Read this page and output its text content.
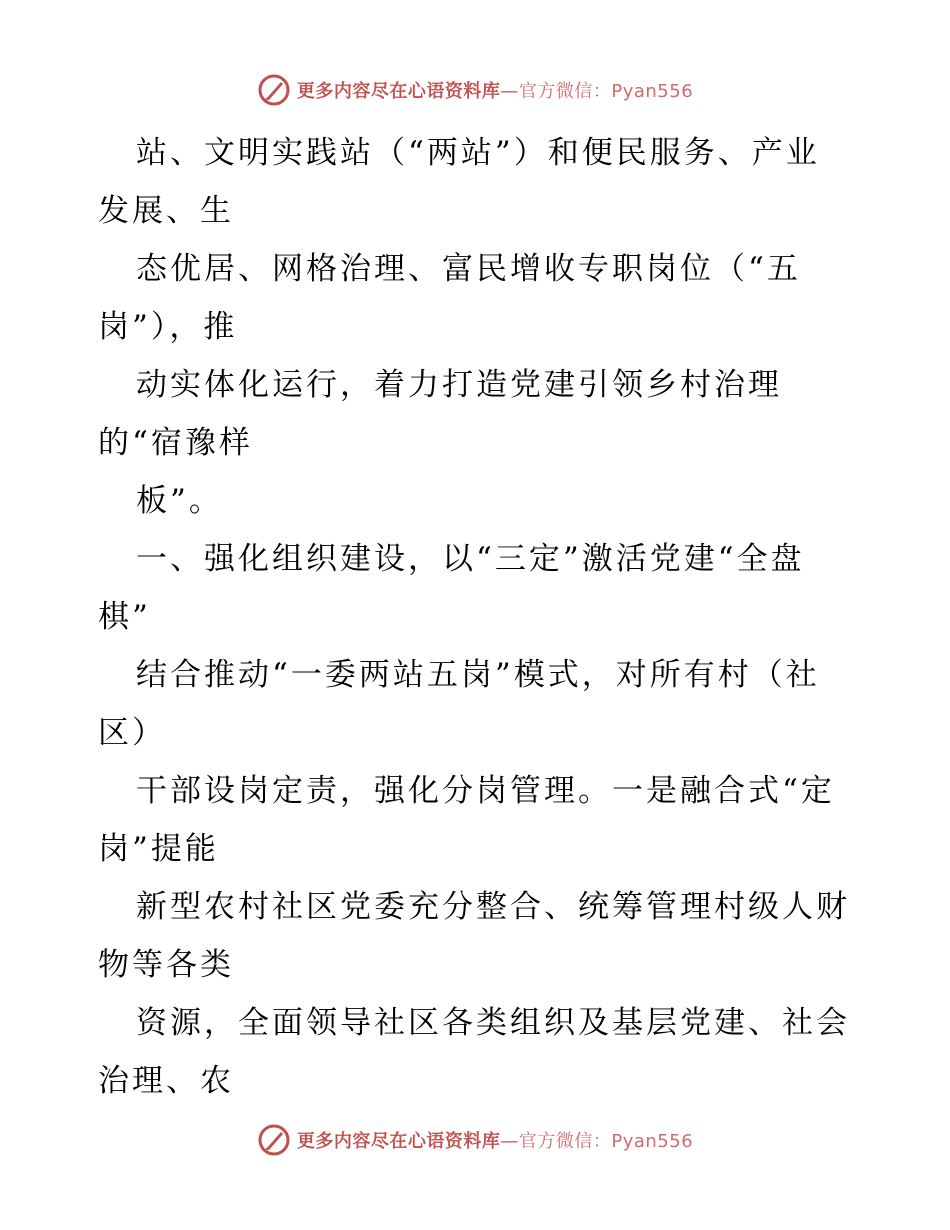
更多内容尽在心语资料库—官方微信：Pyan556
站、文明实践站（“两站”）和便民服务、产业
发展、生
态优居、网格治理、富民增收专职岗位（“五
岗”），推
动实体化运行，着力打造党建引领乡村治理
的“宿豫样
板”。
一、强化组织建设，以“三定”激活党建“全盘
棋”
结合推动“一委两站五岗”模式，对所有村（社
区）
干部设岗定责，强化分岗管理。一是融合式“定
岗”提能
新型农村社区党委充分整合、统筹管理村级人财
物等各类
资源，全面领导社区各类组织及基层党建、社会
治理、农
更多内容尽在心语资料库—官方微信：Pyan556
